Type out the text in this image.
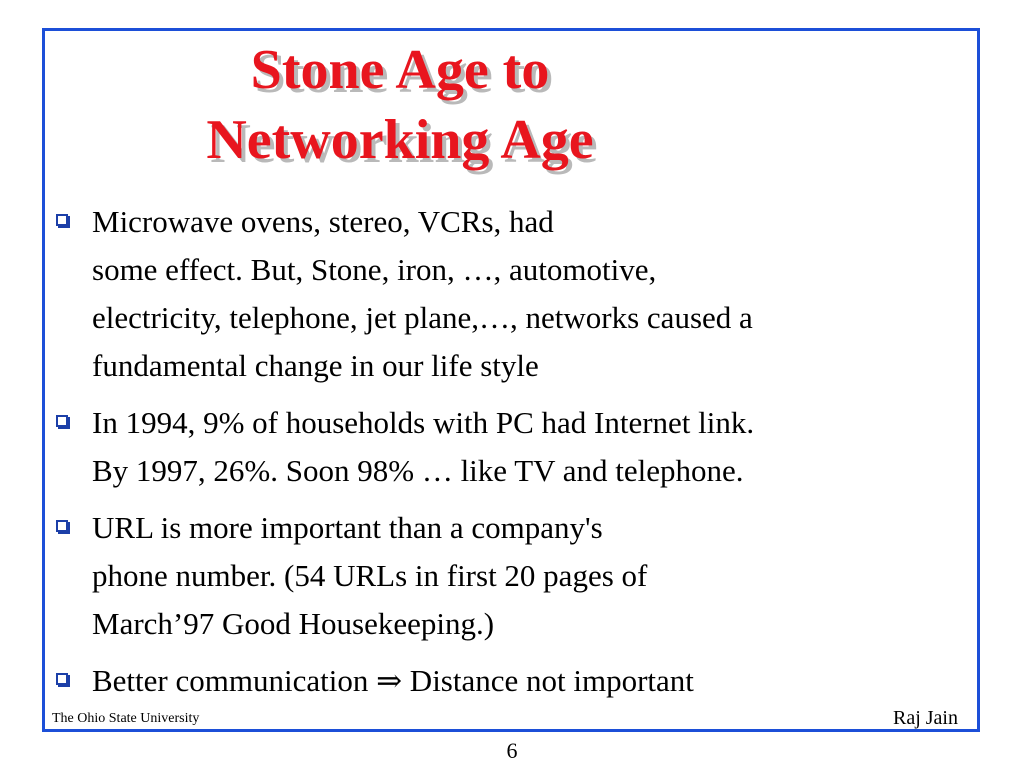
Stone Age to
Networking Age
Microwave ovens, stereo, VCRs, had
some effect. But, Stone, iron, …, automotive,
electricity, telephone, jet plane,…, networks caused a
fundamental change in our life style
In 1994, 9% of households with PC had Internet link.
By 1997, 26%. Soon 98% … like TV and telephone.
URL is more important than a company's
phone number. (54 URLs in first 20 pages of
March’97 Good Housekeeping.)
Better communication ⇒ Distance not important
The Ohio State University	Raj Jain
6
